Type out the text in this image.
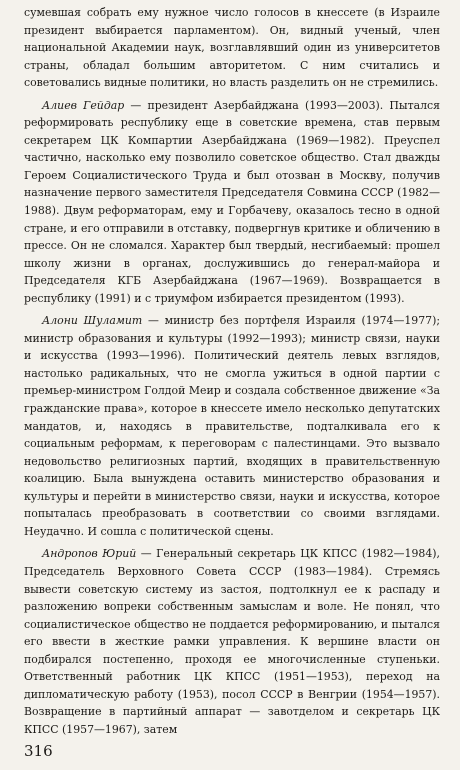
сумевшая собрать ему нужное число голосов в кнессете (в Израиле президент выбирается парламентом). Он, видный ученый, член национальной Академии наук, возглавлявший один из университетов страны, обладал большим авторитетом. С ним считались и советовались видные политики, но власть разделить он не стремились.

Алиев Гейдар — президент Азербайджана (1993—2003). Пытался реформировать республику еще в советские времена, став первым секретарем ЦК Компартии Азербайджана (1969—1982). Преуспел частично, насколько ему позволило советское общество. Стал дважды Героем Социалистического Труда и был отозван в Москву, получив назначение первого заместителя Председателя Совмина СССР (1982—1988). Двум реформаторам, ему и Горбачеву, оказалось тесно в одной стране, и его отправили в отставку, подвергнув критике и обличению в прессе. Он не сломался. Характер был твердый, несгибаемый: прошел школу жизни в органах, дослужившись до генерал-майора и Председателя КГБ Азербайджана (1967—1969). Возвращается в республику (1991) и с триумфом избирается президентом (1993).

Алони Шуламит — министр без портфеля Израиля (1974—1977); министр образования и культуры (1992—1993); министр связи, науки и искусства (1993—1996). Политический деятель левых взглядов, настолько радикальных, что не смогла ужиться в одной партии с премьер-министром Голдой Меир и создала собственное движение «За гражданские права», которое в кнессете имело несколько депутатских мандатов, и, находясь в правительстве, подталкивала его к социальным реформам, к переговорам с палестинцами. Это вызвало недовольство религиозных партий, входящих в правительственную коалицию. Была вынуждена оставить министерство образования и культуры и перейти в министерство связи, науки и искусства, которое попыталась преобразовать в соответствии со своими взглядами. Неудачно. И сошла с политической сцены.

Андропов Юрий — Генеральный секретарь ЦК КПСС (1982—1984), Председатель Верховного Совета СССР (1983—1984). Стремясь вывести советскую систему из застоя, подтолкнул ее к распаду и разложению вопреки собственным замыслам и воле. Не понял, что социалистическое общество не поддается реформированию, и пытался его ввести в жесткие рамки управления. К вершине власти он подбирался постепенно, проходя ее многочисленные ступеньки. Ответственный работник ЦК КПСС (1951—1953), переход на дипломатическую работу (1953), посол СССР в Венгрии (1954—1957). Возвращение в партийный аппарат — завотделом и секретарь ЦК КПСС (1957—1967), затем

316
